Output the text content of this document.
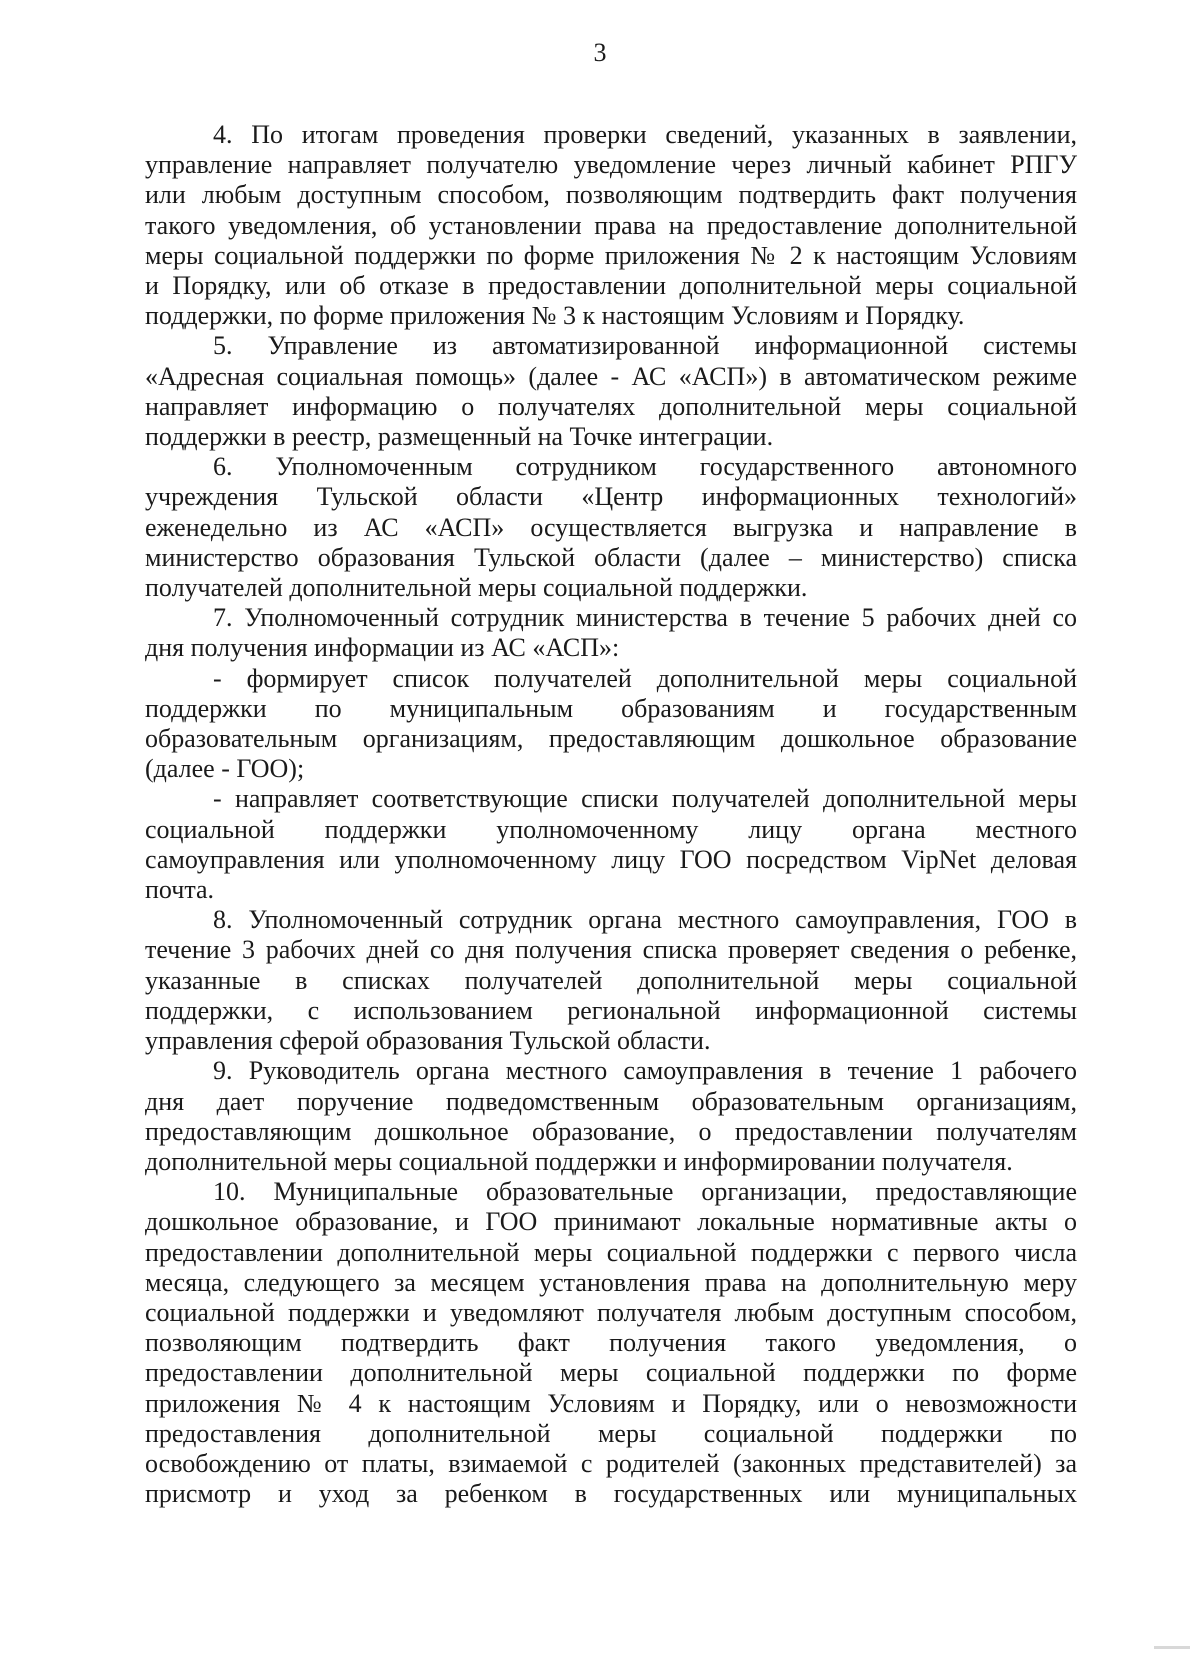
3
4. По итогам проведения проверки сведений, указанных в заявлении,
управление направляет получателю уведомление через личный кабинет РПГУ
или любым доступным способом, позволяющим подтвердить факт получения
такого уведомления, об установлении права на предоставление дополнительной
меры социальной поддержки по форме приложения № 2 к настоящим Условиям
и Порядку, или об отказе в предоставлении дополнительной меры социальной
поддержки, по форме приложения № 3 к настоящим Условиям и Порядку.
5. Управление из автоматизированной информационной системы
«Адресная социальная помощь» (далее - АС «АСП») в автоматическом режиме
направляет информацию о получателях дополнительной меры социальной
поддержки в реестр, размещенный на Точке интеграции.
6. Уполномоченным сотрудником государственного автономного
учреждения Тульской области «Центр информационных технологий»
еженедельно из АС «АСП» осуществляется выгрузка и направление в
министерство образования Тульской области (далее – министерство) списка
получателей дополнительной меры социальной поддержки.
7. Уполномоченный сотрудник министерства в течение 5 рабочих дней со
дня получения информации из АС «АСП»:
- формирует список получателей дополнительной меры социальной
поддержки по муниципальным образованиям и государственным
образовательным организациям, предоставляющим дошкольное образование
(далее - ГОО);
- направляет соответствующие списки получателей дополнительной меры
социальной поддержки уполномоченному лицу органа местного
самоуправления или уполномоченному лицу ГОО посредством VipNet деловая
почта.
8. Уполномоченный сотрудник органа местного самоуправления, ГОО в
течение 3 рабочих дней со дня получения списка проверяет сведения о ребенке,
указанные в списках получателей дополнительной меры социальной
поддержки, с использованием региональной информационной системы
управления сферой образования Тульской области.
9. Руководитель органа местного самоуправления в течение 1 рабочего
дня дает поручение подведомственным образовательным организациям,
предоставляющим дошкольное образование, о предоставлении получателям
дополнительной меры социальной поддержки и информировании получателя.
10. Муниципальные образовательные организации, предоставляющие
дошкольное образование, и ГОО принимают локальные нормативные акты о
предоставлении дополнительной меры социальной поддержки с первого числа
месяца, следующего за месяцем установления права на дополнительную меру
социальной поддержки и уведомляют получателя любым доступным способом,
позволяющим подтвердить факт получения такого уведомления, о
предоставлении дополнительной меры социальной поддержки по форме
приложения № 4 к настоящим Условиям и Порядку, или о невозможности
предоставления дополнительной меры социальной поддержки по
освобождению от платы, взимаемой с родителей (законных представителей) за
присмотр и уход за ребенком в государственных или муниципальных
